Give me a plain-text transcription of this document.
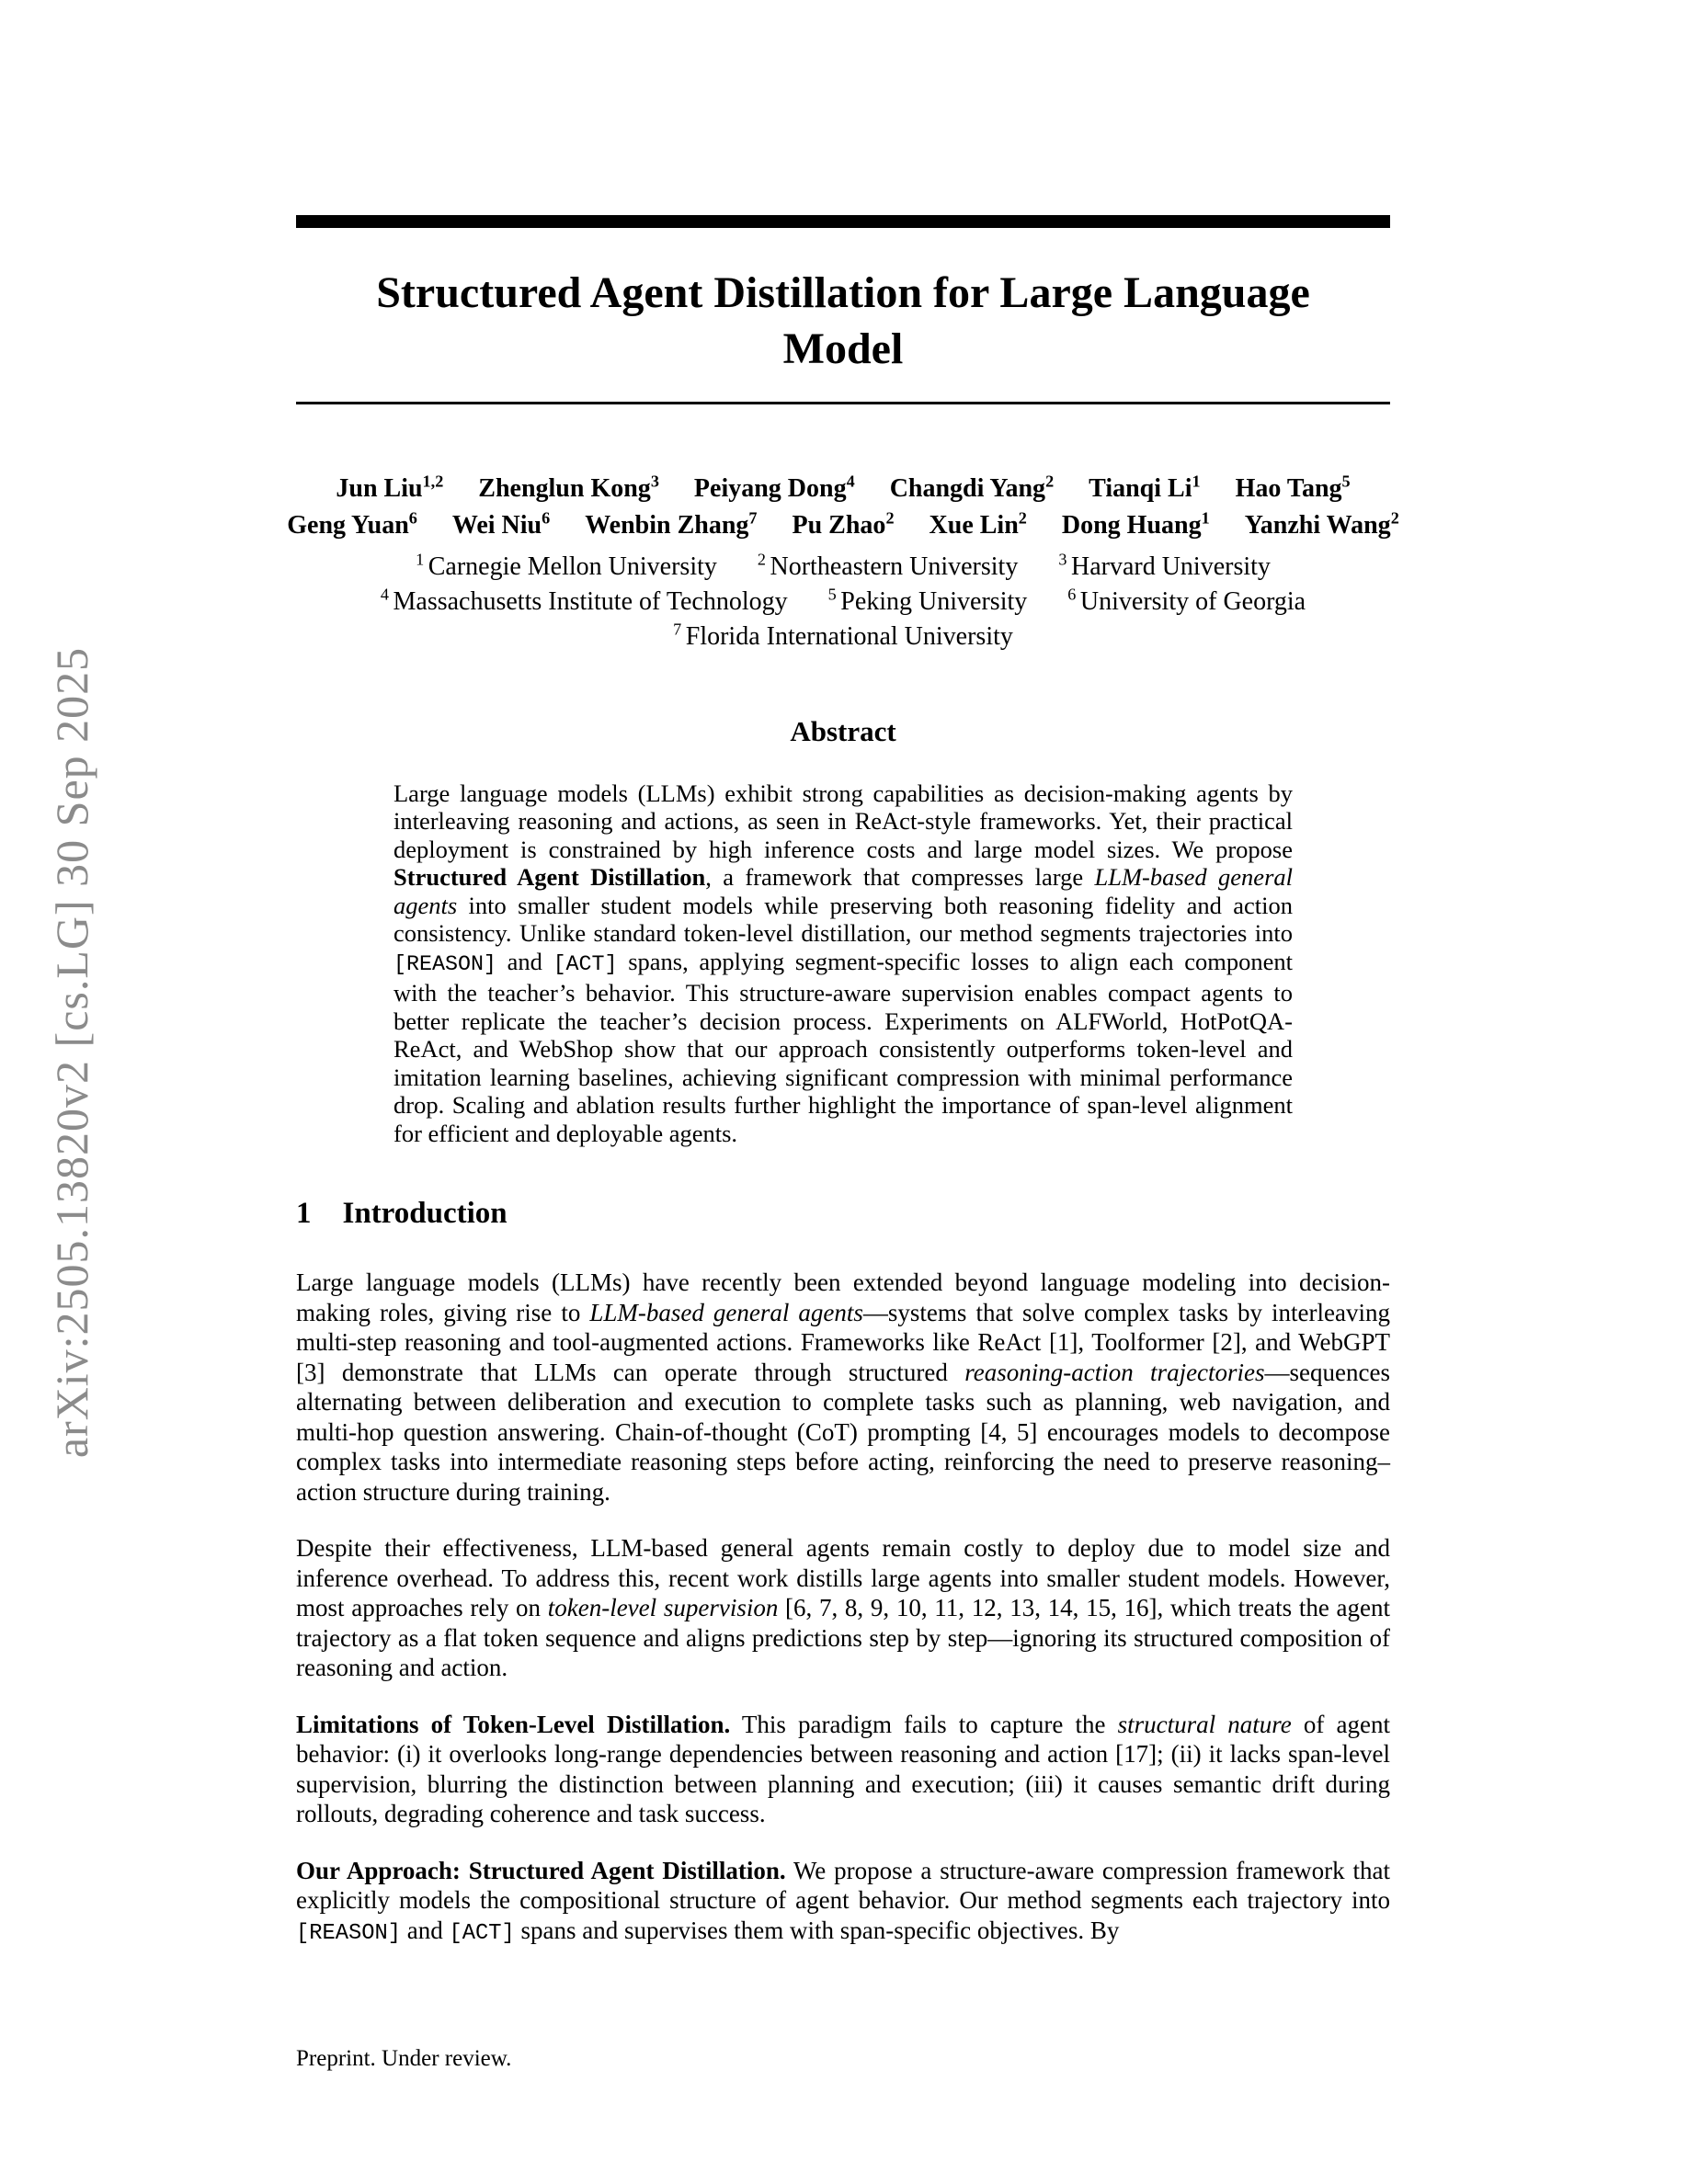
arXiv:2505.13820v2 [cs.LG] 30 Sep 2025
Structured Agent Distillation for Large Language
Model
Jun Liu$^{1,2}$ Zhenglun Kong$^3$ Peiyang Dong$^4$ Changdi Yang$^2$ Tianqi Li$^1$ Hao Tang$^5$
Geng Yuan$^6$ Wei Niu$^6$ Wenbin Zhang$^7$ Pu Zhao$^2$ Xue Lin$^2$ Dong Huang$^1$ Yanzhi Wang$^2$
$^1$ Carnegie Mellon University $^2$ Northeastern University $^3$ Harvard University
$^4$ Massachusetts Institute of Technology $^5$ Peking University $^6$ University of Georgia
$^7$ Florida International University
Abstract

Large language models (LLMs) exhibit strong capabilities as decision-making agents by interleaving reasoning and actions, as seen in ReAct-style frameworks. Yet, their practical deployment is constrained by high inference costs and large model sizes. We propose Structured Agent Distillation, a framework that compresses large LLM-based general agents into smaller student models while preserving both reasoning fidelity and action consistency. Unlike standard token-level distillation, our method segments trajectories into [REASON] and [ACT] spans, applying segment-specific losses to align each component with the teacher’s behavior. This structure-aware supervision enables compact agents to better replicate the teacher’s decision process. Experiments on ALFWorld, HotPotQA-ReAct, and WebShop show that our approach consistently outperforms token-level and imitation learning baselines, achieving significant compression with minimal performance drop. Scaling and ablation results further highlight the importance of span-level alignment for efficient and deployable agents.

1 Introduction

Large language models (LLMs) have recently been extended beyond language modeling into decision-making roles, giving rise to LLM-based general agents—systems that solve complex tasks by interleaving multi-step reasoning and tool-augmented actions. Frameworks like ReAct [1], Toolformer [2], and WebGPT [3] demonstrate that LLMs can operate through structured reasoning-action trajectories—sequences alternating between deliberation and execution to complete tasks such as planning, web navigation, and multi-hop question answering. Chain-of-thought (CoT) prompting [4, 5] encourages models to decompose complex tasks into intermediate reasoning steps before acting, reinforcing the need to preserve reasoning–action structure during training.

Despite their effectiveness, LLM-based general agents remain costly to deploy due to model size and inference overhead. To address this, recent work distills large agents into smaller student models. However, most approaches rely on token-level supervision [6, 7, 8, 9, 10, 11, 12, 13, 14, 15, 16], which treats the agent trajectory as a flat token sequence and aligns predictions step by step—ignoring its structured composition of reasoning and action.

Limitations of Token-Level Distillation. This paradigm fails to capture the structural nature of agent behavior: (i) it overlooks long-range dependencies between reasoning and action [17]; (ii) it lacks span-level supervision, blurring the distinction between planning and execution; (iii) it causes semantic drift during rollouts, degrading coherence and task success.

Our Approach: Structured Agent Distillation. We propose a structure-aware compression framework that explicitly models the compositional structure of agent behavior. Our method segments each trajectory into [REASON] and [ACT] spans and supervises them with span-specific objectives. By

Preprint. Under review.
